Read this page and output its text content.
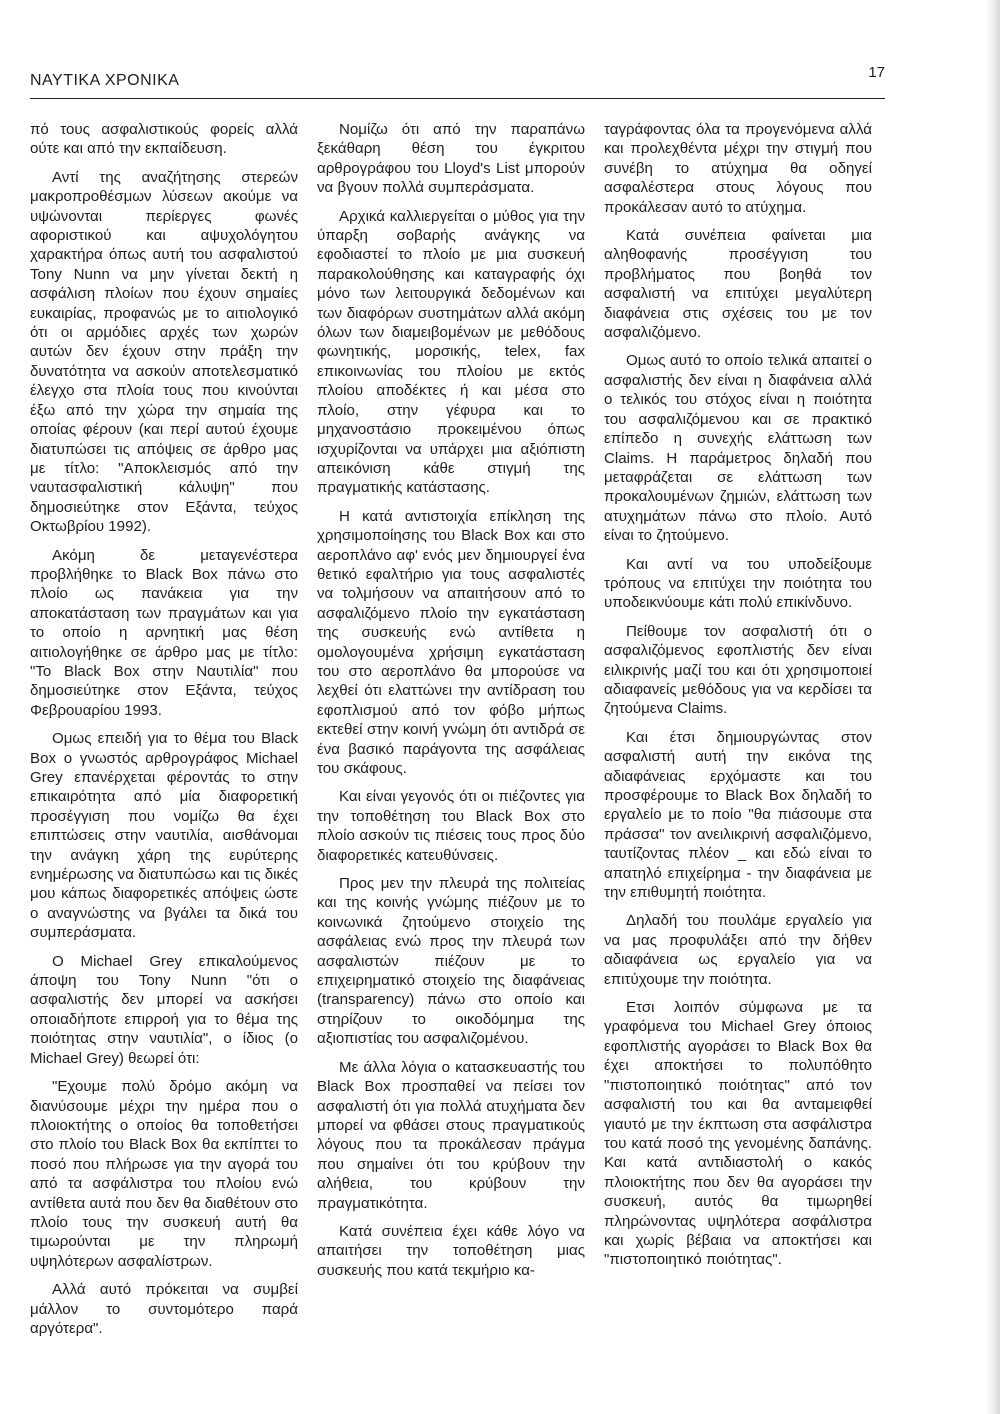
ΝΑΥΤΙΚΑ ΧΡΟΝΙΚΑ	17

πό τους ασφαλιστικούς φορείς αλλά ούτε και από την εκπαίδευση.

Αντί της αναζήτησης στερεών μακροπροθέσμων λύσεων ακούμε να υψώνονται περίεργες φωνές αφοριστικού και αψυχολόγητου χαρακτήρα όπως αυτή του ασφαλιστού Tony Nunn να μην γίνεται δεκτή η ασφάλιση πλοίων που έχουν σημαίες ευκαιρίας, προφανώς με το αιτιολογικό ότι οι αρμόδιες αρχές των χωρών αυτών δεν έχουν στην πράξη την δυνατότητα να ασκούν αποτελεσματικό έλεγχο στα πλοία τους που κινούνται έξω από την χώρα την σημαία της οποίας φέρουν (και περί αυτού έχουμε διατυπώσει τις απόψεις σε άρθρο μας με τίτλο: "Αποκλεισμός από την ναυτασφαλιστική κάλυψη" που δημοσιεύτηκε στον Εξάντα, τεύχος Οκτωβρίου 1992).

Ακόμη δε μεταγενέστερα προβλήθηκε το Black Box πάνω στο πλοίο ως πανάκεια για την αποκατάσταση των πραγμάτων και για το οποίο η αρνητική μας θέση αιτιολογήθηκε σε άρθρο μας με τίτλο: "Το Black Box στην Ναυτιλία" που δημοσιεύτηκε στον Εξάντα, τεύχος Φεβρουαρίου 1993.

Ομως επειδή για το θέμα του Black Box ο γνωστός αρθρογράφος Michael Grey επανέρχεται φέροντάς το στην επικαιρότητα από μία διαφορετική προσέγγιση που νομίζω θα έχει επιπτώσεις στην ναυτιλία, αισθάνομαι την ανάγκη χάρη της ευρύτερης ενημέρωσης να διατυπώσω και τις δικές μου κάπως διαφορετικές απόψεις ώστε ο αναγνώστης να βγάλει τα δικά του συμπεράσματα.

Ο Michael Grey επικαλούμενος άποψη του Tony Nunn "ότι ο ασφαλιστής δεν μπορεί να ασκήσει οποιαδήποτε επιρροή για το θέμα της ποιότητας στην ναυτιλία", ο ίδιος (ο Michael Grey) θεωρεί ότι:

"Εχουμε πολύ δρόμο ακόμη να διανύσουμε μέχρι την ημέρα που ο πλοιοκτήτης ο οποίος θα τοποθετήσει στο πλοίο του Black Box θα εκπίπτει το ποσό που πλήρωσε για την αγορά του από τα ασφάλιστρα του πλοίου ενώ αντίθετα αυτά που δεν θα διαθέτουν στο πλοίο τους την συσκευή αυτή θα τιμωρούνται με την πληρωμή υψηλότερων ασφαλίστρων.

Αλλά αυτό πρόκειται να συμβεί μάλλον το συντομότερο παρά αργότερα".

Νομίζω ότι από την παραπάνω ξεκάθαρη θέση του έγκριτου αρθρογράφου του Lloyd's List μπορούν να βγουν πολλά συμπεράσματα.

Αρχικά καλλιεργείται ο μύθος για την ύπαρξη σοβαρής ανάγκης να εφοδιαστεί το πλοίο με μια συσκευή παρακολούθησης και καταγραφής όχι μόνο των λειτουργικά δεδομένων και των διαφόρων συστημάτων αλλά ακόμη όλων των διαμειβομένων με μεθόδους φωνητικής, μορσικής, telex, fax επικοινωνίας του πλοίου με εκτός πλοίου αποδέκτες ή και μέσα στο πλοίο, στην γέφυρα και το μηχανοστάσιο προκειμένου όπως ισχυρίζονται να υπάρχει μια αξιόπιστη απεικόνιση κάθε στιγμή της πραγματικής κατάστασης.

Η κατά αντιστοιχία επίκληση της χρησιμοποίησης του Black Box και στο αεροπλάνο αφ' ενός μεν δημιουργεί ένα θετικό εφαλτήριο για τους ασφαλιστές να τολμήσουν να απαιτήσουν από το ασφαλιζόμενο πλοίο την εγκατάσταση της συσκευής ενώ αντίθετα η ομολογουμένα χρήσιμη εγκατάσταση του στο αεροπλάνο θα μπορούσε να λεχθεί ότι ελαττώνει την αντίδραση του εφοπλισμού από τον φόβο μήπως εκτεθεί στην κοινή γνώμη ότι αντιδρά σε ένα βασικό παράγοντα της ασφάλειας του σκάφους.

Και είναι γεγονός ότι οι πιέζοντες για την τοποθέτηση του Black Box στο πλοίο ασκούν τις πιέσεις τους προς δύο διαφορετικές κατευθύνσεις.

Προς μεν την πλευρά της πολιτείας και της κοινής γνώμης πιέζουν με το κοινωνικά ζητούμενο στοιχείο της ασφάλειας ενώ προς την πλευρά των ασφαλιστών πιέζουν με το επιχειρηματικό στοιχείο της διαφάνειας (transparency) πάνω στο οποίο και στηρίζουν το οικοδόμημα της αξιοπιστίας του ασφαλιζομένου.

Με άλλα λόγια ο κατασκευαστής του Black Box προσπαθεί να πείσει τον ασφαλιστή ότι για πολλά ατυχήματα δεν μπορεί να φθάσει στους πραγματικούς λόγους που τα προκάλεσαν πράγμα που σημαίνει ότι του κρύβουν την αλήθεια, του κρύβουν την πραγματικότητα.

Κατά συνέπεια έχει κάθε λόγο να απαιτήσει την τοποθέτηση μιας συσκευής που κατά τεκμήριο κα-

ταγράφοντας όλα τα προγενόμενα αλλά και προλεχθέντα μέχρι την στιγμή που συνέβη το ατύχημα θα οδηγεί ασφαλέστερα στους λόγους που προκάλεσαν αυτό το ατύχημα.

Κατά συνέπεια φαίνεται μια αληθοφανής προσέγγιση του προβλήματος που βοηθά τον ασφαλιστή να επιτύχει μεγαλύτερη διαφάνεια στις σχέσεις του με τον ασφαλιζόμενο.

Ομως αυτό το οποίο τελικά απαιτεί ο ασφαλιστής δεν είναι η διαφάνεια αλλά ο τελικός του στόχος είναι η ποιότητα του ασφαλιζόμενου και σε πρακτικό επίπεδο η συνεχής ελάττωση των Claims. Η παράμετρος δηλαδή που μεταφράζεται σε ελάττωση των προκαλουμένων ζημιών, ελάττωση των ατυχημάτων πάνω στο πλοίο. Αυτό είναι το ζητούμενο.

Και αντί να του υποδείξουμε τρόπους να επιτύχει την ποιότητα του υποδεικνύουμε κάτι πολύ επικίνδυνο.

Πείθουμε τον ασφαλιστή ότι ο ασφαλιζόμενος εφοπλιστής δεν είναι ειλικρινής μαζί του και ότι χρησιμοποιεί αδιαφανείς μεθόδους για να κερδίσει τα ζητούμενα Claims.

Και έτσι δημιουργώντας στον ασφαλιστή αυτή την εικόνα της αδιαφάνειας ερχόμαστε και του προσφέρουμε το Black Box δηλαδή το εργαλείο με το ποίο "θα πιάσουμε στα πράσσα" τον ανειλικρινή ασφαλιζόμενο, ταυτίζοντας πλέον _ και εδώ είναι το απατηλό επιχείρημα - την διαφάνεια με την επιθυμητή ποιότητα.

Δηλαδή του πουλάμε εργαλείο για να μας προφυλάξει από την δήθεν αδιαφάνεια ως εργαλείο για να επιτύχουμε την ποιότητα.

Ετσι λοιπόν σύμφωνα με τα γραφόμενα του Michael Grey όποιος εφοπλιστής αγοράσει το Black Box θα έχει αποκτήσει το πολυπόθητο "πιστοποιητικό ποιότητας" από τον ασφαλιστή του και θα ανταμειφθεί γιαυτό με την έκπτωση στα ασφάλιστρα του κατά ποσό της γενομένης δαπάνης. Και κατά αντιδιαστολή ο κακός πλοιοκτήτης που δεν θα αγοράσει την συσκευή, αυτός θα τιμωρηθεί πληρώνοντας υψηλότερα ασφάλιστρα και χωρίς βέβαια να αποκτήσει και "πιστοποιητικό ποιότητας".
